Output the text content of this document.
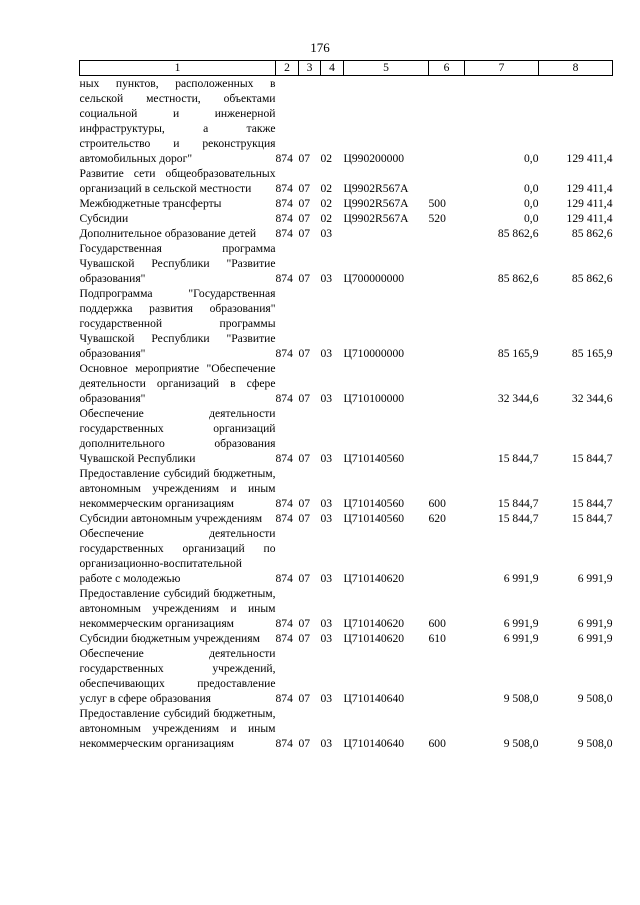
176
1	2	3	4	5	6	7	8
ных пунктов, расположенных в сельской местности, объектами социальной и инженерной инфраструктуры, а также строительство и реконструкция автомобильных дорог"	874	07	02	Ц990200000		0,0	129 411,4
Развитие сети общеобразовательных организаций в сельской местности	874	07	02	Ц9902R567A		0,0	129 411,4
Межбюджетные трансферты	874	07	02	Ц9902R567A	500	0,0	129 411,4
Субсидии	874	07	02	Ц9902R567A	520	0,0	129 411,4
Дополнительное образование детей	874	07	03			85 862,6	85 862,6
Государственная программа Чувашской Республики "Развитие образования"	874	07	03	Ц700000000		85 862,6	85 862,6
Подпрограмма "Государственная поддержка развития образования" государственной программы Чувашской Республики "Развитие образования"	874	07	03	Ц710000000		85 165,9	85 165,9
Основное мероприятие "Обеспечение деятельности организаций в сфере образования"	874	07	03	Ц710100000		32 344,6	32 344,6
Обеспечение деятельности государственных организаций дополнительного образования Чувашской Республики	874	07	03	Ц710140560		15 844,7	15 844,7
Предоставление субсидий бюджетным, автономным учреждениям и иным некоммерческим организациям	874	07	03	Ц710140560	600	15 844,7	15 844,7
Субсидии автономным учреждениям	874	07	03	Ц710140560	620	15 844,7	15 844,7
Обеспечение деятельности государственных организаций по организационно-воспитательной работе с молодежью	874	07	03	Ц710140620		6 991,9	6 991,9
Предоставление субсидий бюджетным, автономным учреждениям и иным некоммерческим организациям	874	07	03	Ц710140620	600	6 991,9	6 991,9
Субсидии бюджетным учреждениям	874	07	03	Ц710140620	610	6 991,9	6 991,9
Обеспечение деятельности государственных учреждений, обеспечивающих предоставление услуг в сфере образования	874	07	03	Ц710140640		9 508,0	9 508,0
Предоставление субсидий бюджетным, автономным учреждениям и иным некоммерческим организациям	874	07	03	Ц710140640	600	9 508,0	9 508,0
